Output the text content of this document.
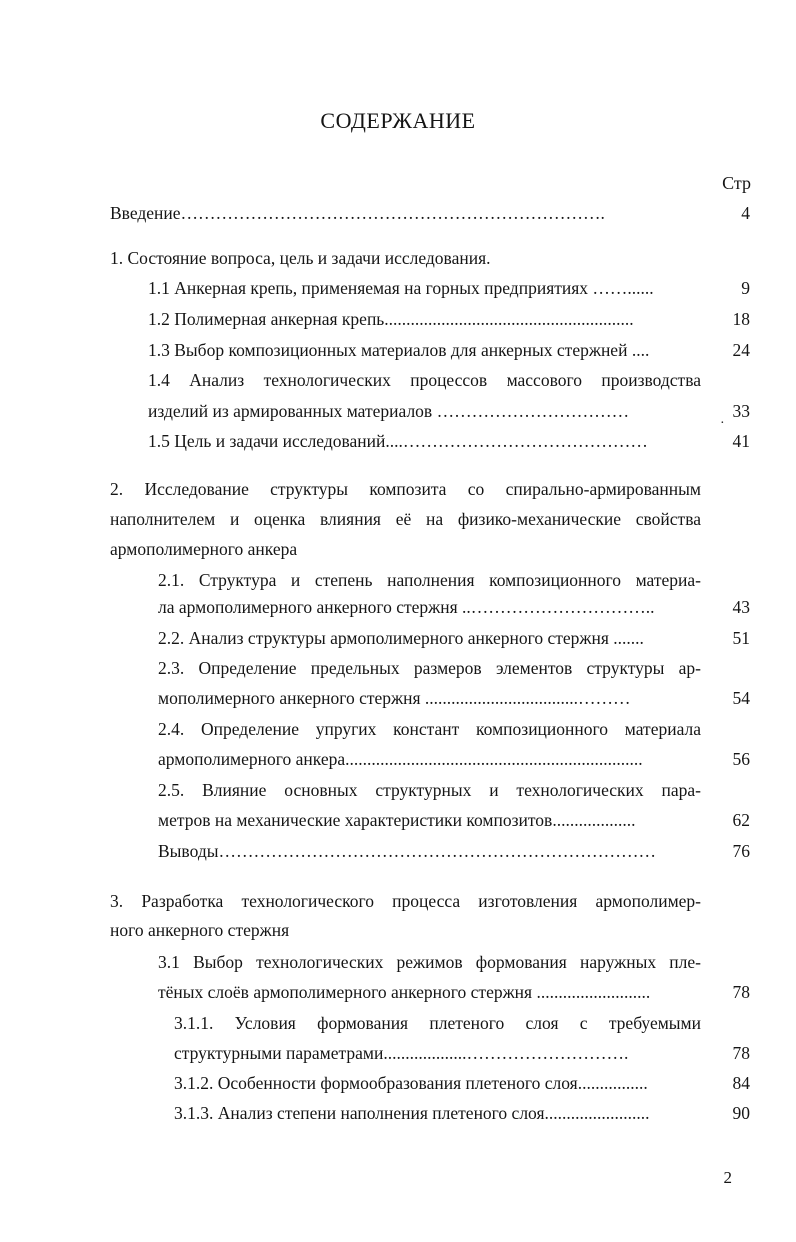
СОДЕРЖАНИЕ
Стр
Введение……………………………………………………………….	4
1. Состояние вопроса, цель и задачи исследования.
1.1 Анкерная крепь, применяемая на горных предприятиях ……......	9
1.2 Полимерная анкерная крепь.........................................................	18
1.3 Выбор композиционных материалов для анкерных стержней ....	24
1.4 Анализ технологических процессов массового производства
изделий из армированных материалов ……………………………	33
·
1.5 Цель и задачи исследований....……………………………………	41
2. Исследование структуры композита со спирально-армированным
наполнителем и оценка влияния её на физико-механические свойства
армополимерного анкера
2.1. Структура и степень наполнения композиционного материа-
ла армополимерного анкерного стержня ..…………………………..	43
2.2. Анализ структуры армополимерного анкерного стержня .......	51
2.3. Определение предельных размеров элементов структуры ар-
мополимерного анкерного стержня ...................................………	54
2.4. Определение упругих констант композиционного материала
армополимерного анкера....................................................................	56
2.5. Влияние основных структурных и технологических пара-
метров на механические характеристики композитов...................	62
Выводы…………………………………………………………………	76
3. Разработка технологического процесса изготовления армополимер-
ного анкерного стержня
3.1 Выбор технологических режимов формования наружных пле-
тёных слоёв армополимерного анкерного стержня ..........................	78
3.1.1. Условия формования плетеного слоя с требуемыми
структурными параметрами...................……………………….	78
3.1.2. Особенности формообразования плетеного слоя................	84
3.1.3. Анализ степени наполнения плетеного слоя........................	90
2
